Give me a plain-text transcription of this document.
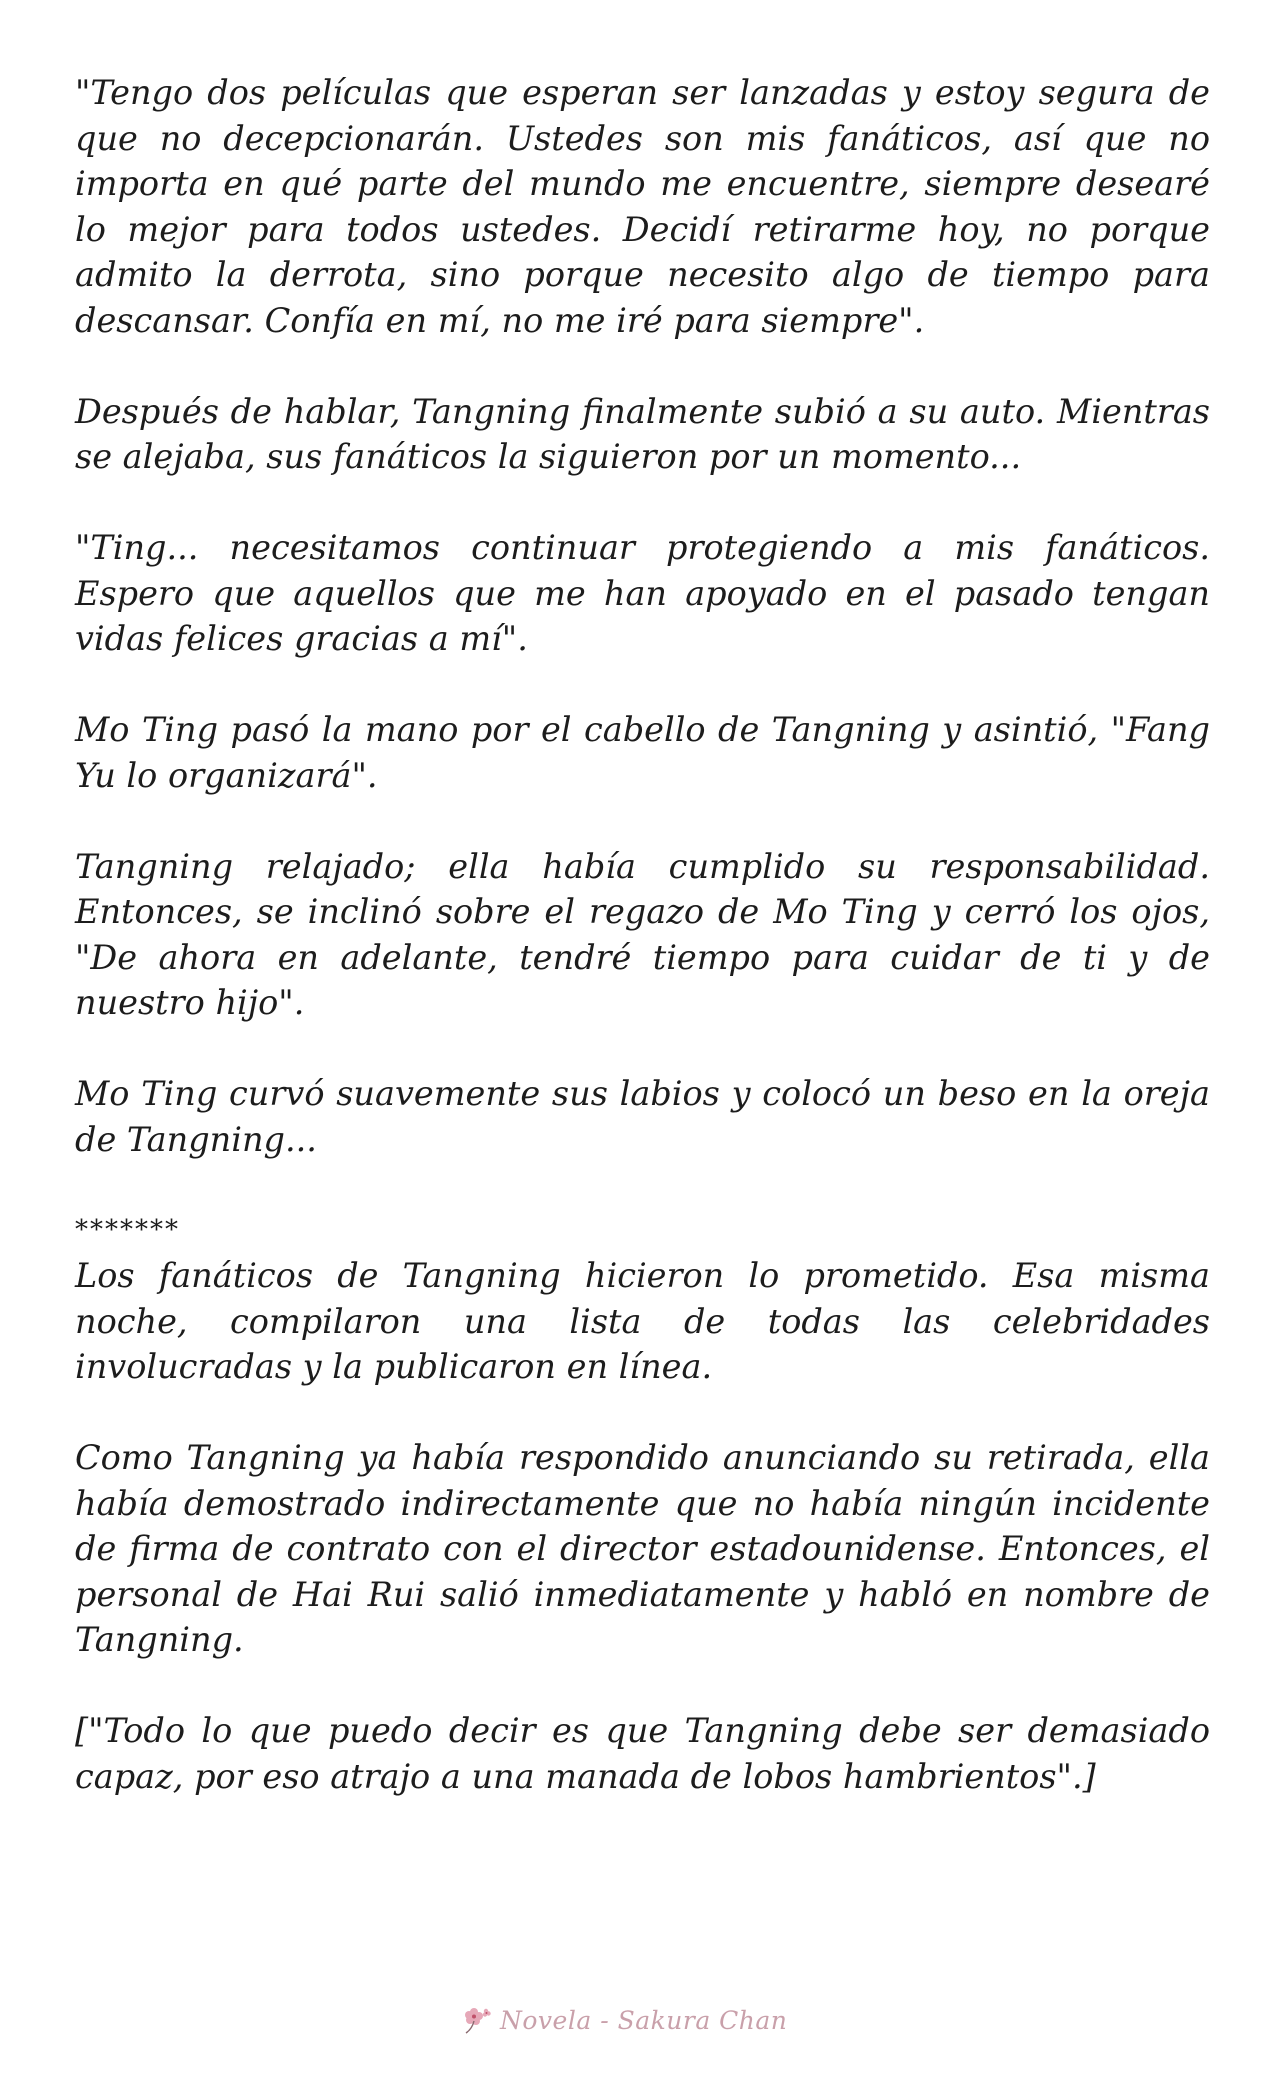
"Tengo dos películas que esperan ser lanzadas y estoy segura de que no decepcionarán. Ustedes son mis fanáticos, así que no importa en qué parte del mundo me encuentre, siempre desearé lo mejor para todos ustedes. Decidí retirarme hoy, no porque admito la derrota, sino porque necesito algo de tiempo para descansar. Confía en mí, no me iré para siempre".

Después de hablar, Tangning finalmente subió a su auto. Mientras se alejaba, sus fanáticos la siguieron por un momento...

"Ting... necesitamos continuar protegiendo a mis fanáticos. Espero que aquellos que me han apoyado en el pasado tengan vidas felices gracias a mí".

Mo Ting pasó la mano por el cabello de Tangning y asintió, "Fang Yu lo organizará".

Tangning relajado; ella había cumplido su responsabilidad. Entonces, se inclinó sobre el regazo de Mo Ting y cerró los ojos, "De ahora en adelante, tendré tiempo para cuidar de ti y de nuestro hijo".

Mo Ting curvó suavemente sus labios y colocó un beso en la oreja de Tangning...

*******

Los fanáticos de Tangning hicieron lo prometido. Esa misma noche, compilaron una lista de todas las celebridades involucradas y la publicaron en línea.

Como Tangning ya había respondido anunciando su retirada, ella había demostrado indirectamente que no había ningún incidente de firma de contrato con el director estadounidense. Entonces, el personal de Hai Rui salió inmediatamente y habló en nombre de Tangning.

["Todo lo que puedo decir es que Tangning debe ser demasiado capaz, por eso atrajo a una manada de lobos hambrientos".]

Novela - Sakura Chan
